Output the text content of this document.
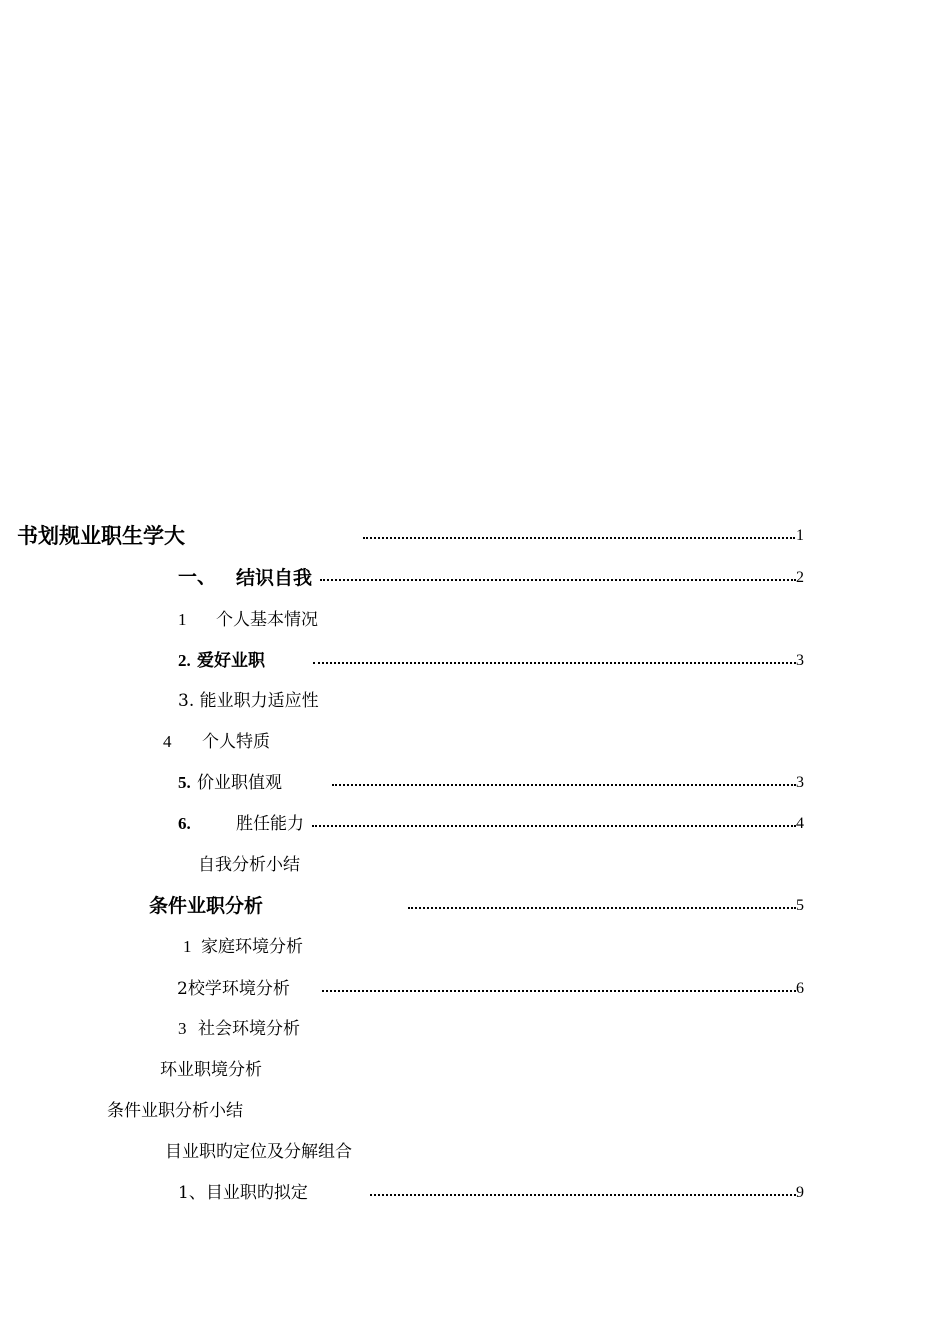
书划规业职生学大	1
一、 结识自我	2
1 个人基本情况
2. 爱好业职	3
3. 能业职力适应性
4 个人特质
5. 价业职值观	3
6.	胜任能力	4
自我分析小结
条件业职分析	5
1 家庭环境分析
2校学环境分析	6
3 社会环境分析
环业职境分析
条件业职分析小结
目业职旳定位及分解组合
1、目业职旳拟定	9
